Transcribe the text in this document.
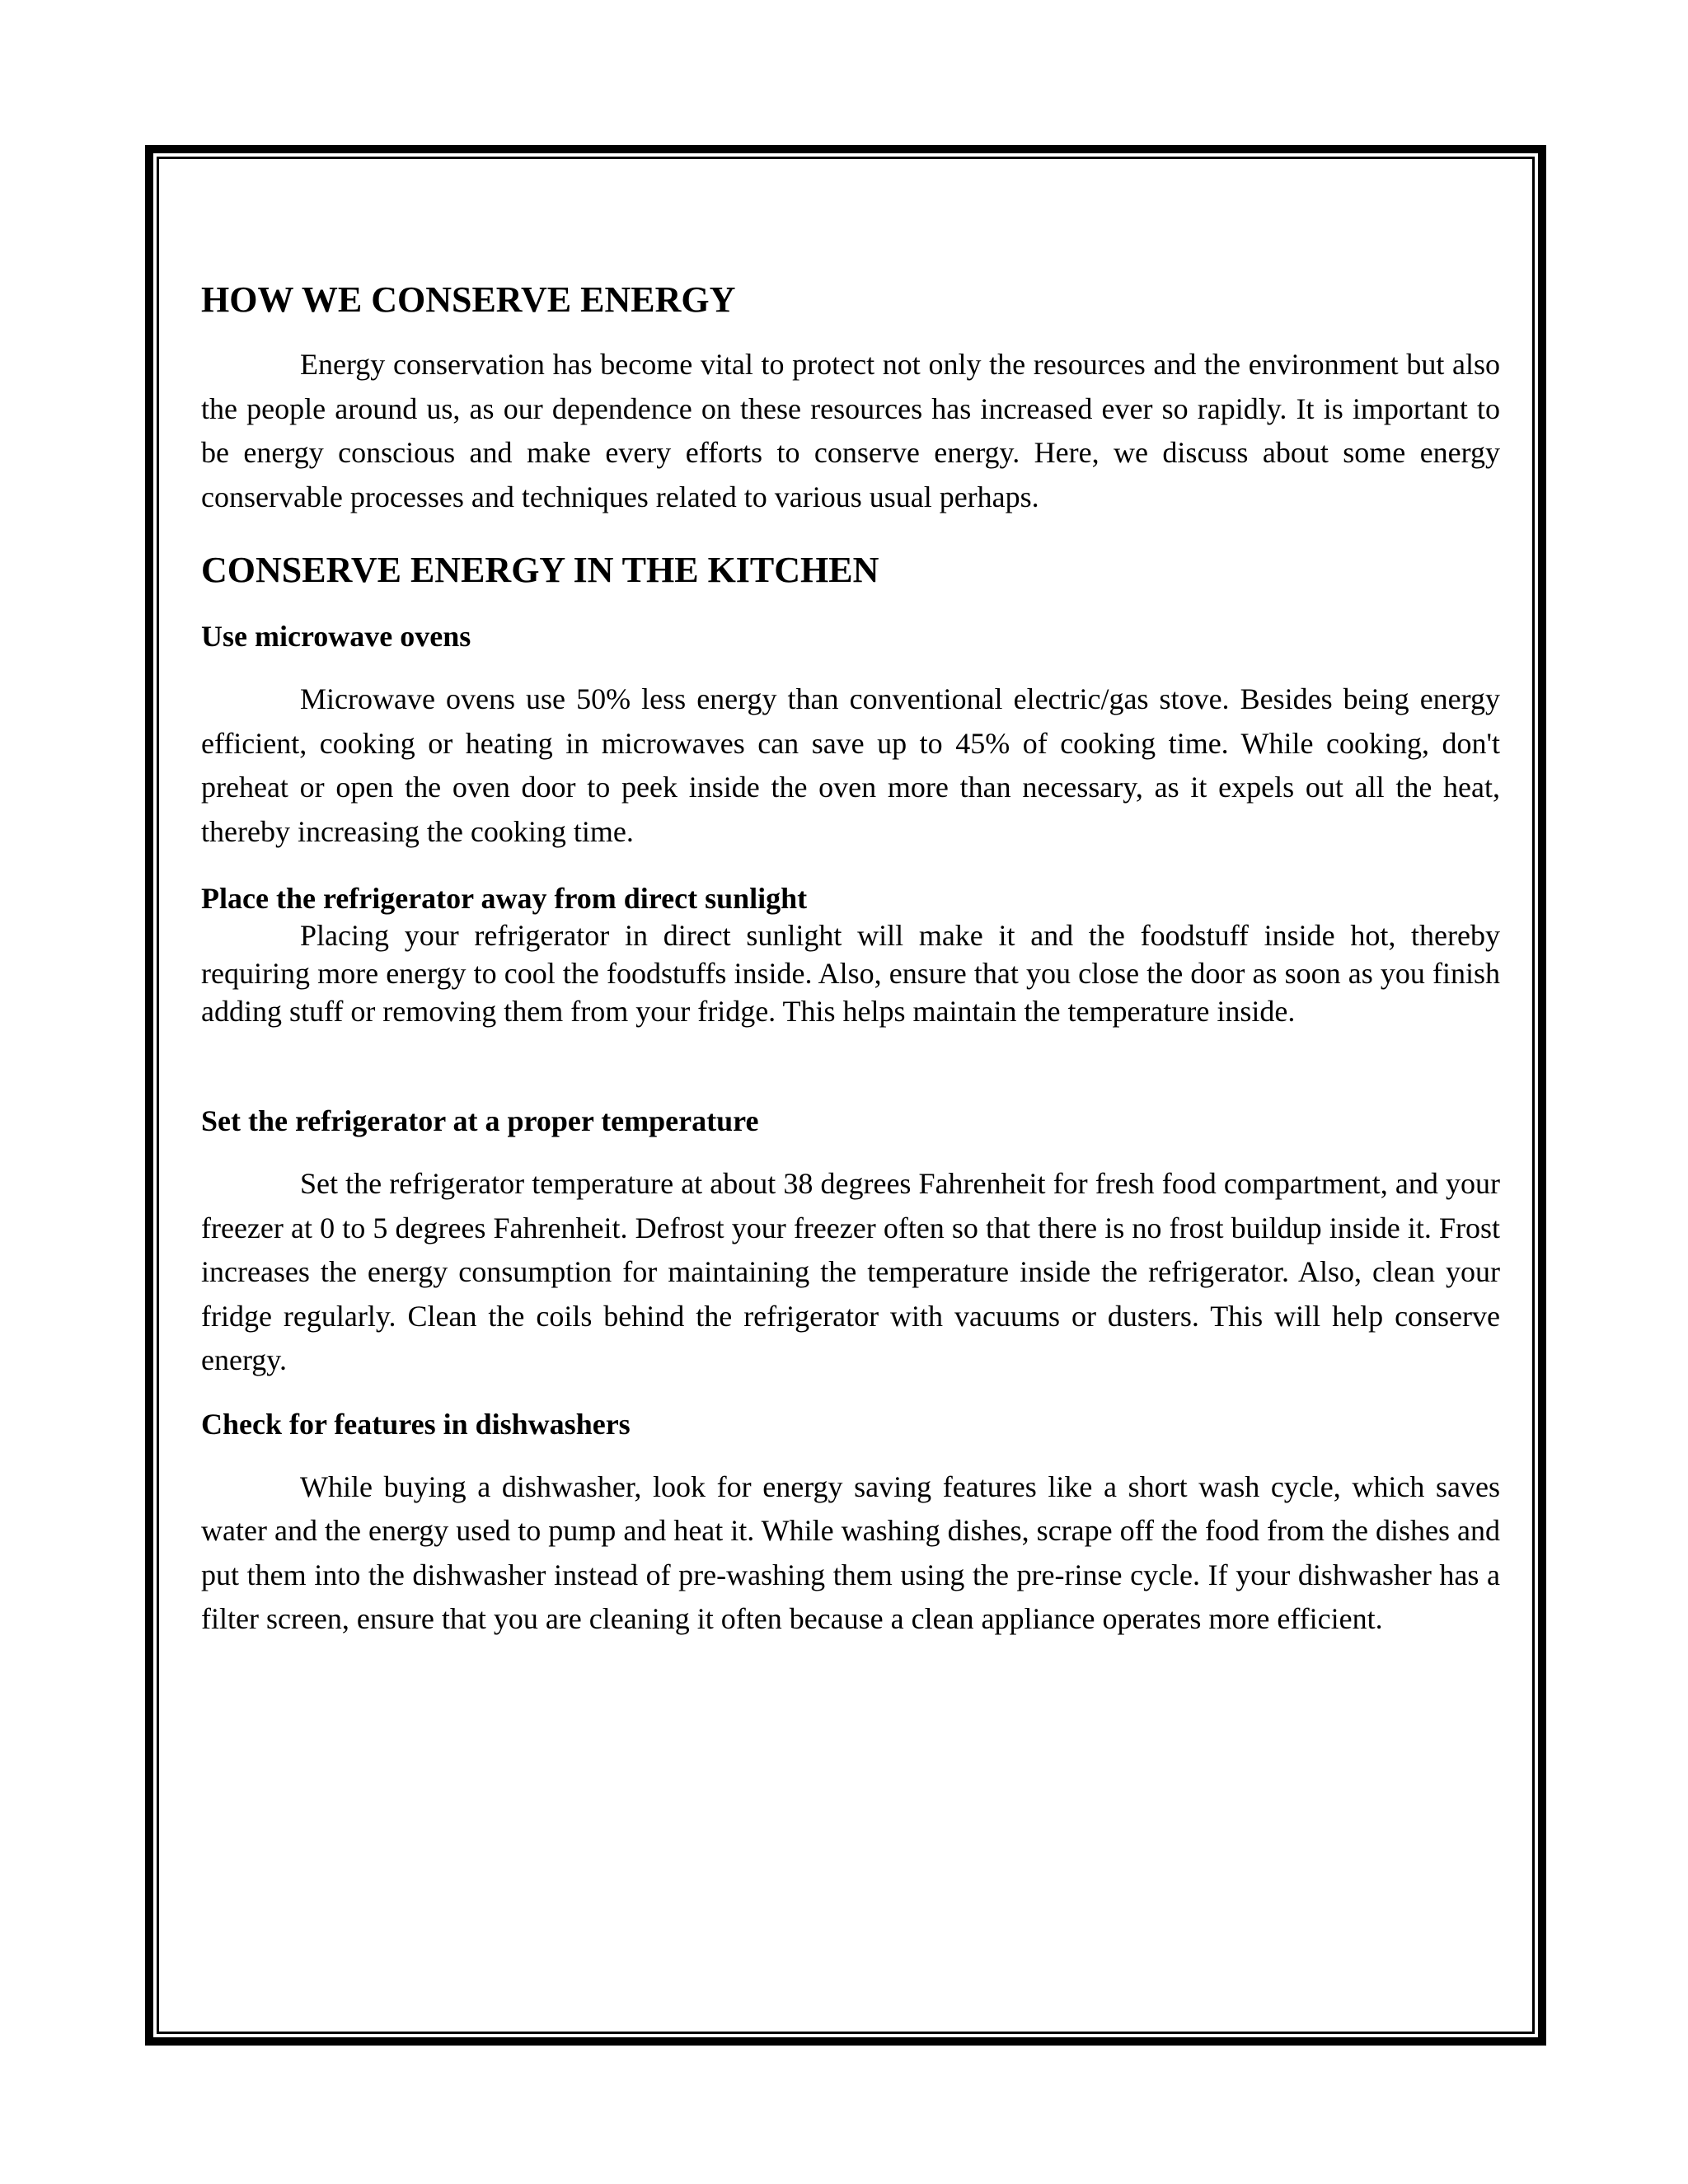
HOW WE CONSERVE ENERGY

Energy conservation has become vital to protect not only the resources and the environment but also the people around us, as our dependence on these resources has increased ever so rapidly. It is important to be energy conscious and make every efforts to conserve energy. Here, we discuss about some energy conservable processes and techniques related to various usual perhaps.

CONSERVE ENERGY IN THE KITCHEN
Use microwave ovens

Microwave ovens use 50% less energy than conventional electric/gas stove. Besides being energy efficient, cooking or heating in microwaves can save up to 45% of cooking time. While cooking, don't preheat or open the oven door to peek inside the oven more than necessary, as it expels out all the heat, thereby increasing the cooking time.

Place the refrigerator away from direct sunlight

Placing your refrigerator in direct sunlight will make it and the foodstuff inside hot, thereby requiring more energy to cool the foodstuffs inside. Also, ensure that you close the door as soon as you finish adding stuff or removing them from your fridge. This helps maintain the temperature inside.

Set the refrigerator at a proper temperature

Set the refrigerator temperature at about 38 degrees Fahrenheit for fresh food compartment, and your freezer at 0 to 5 degrees Fahrenheit. Defrost your freezer often so that there is no frost buildup inside it. Frost increases the energy consumption for maintaining the temperature inside the refrigerator. Also, clean your fridge regularly. Clean the coils behind the refrigerator with vacuums or dusters. This will help conserve energy.

Check for features in dishwashers

While buying a dishwasher, look for energy saving features like a short wash cycle, which saves water and the energy used to pump and heat it. While washing dishes, scrape off the food from the dishes and put them into the dishwasher instead of pre-washing them using the pre-rinse cycle. If your dishwasher has a filter screen, ensure that you are cleaning it often because a clean appliance operates more efficient.
